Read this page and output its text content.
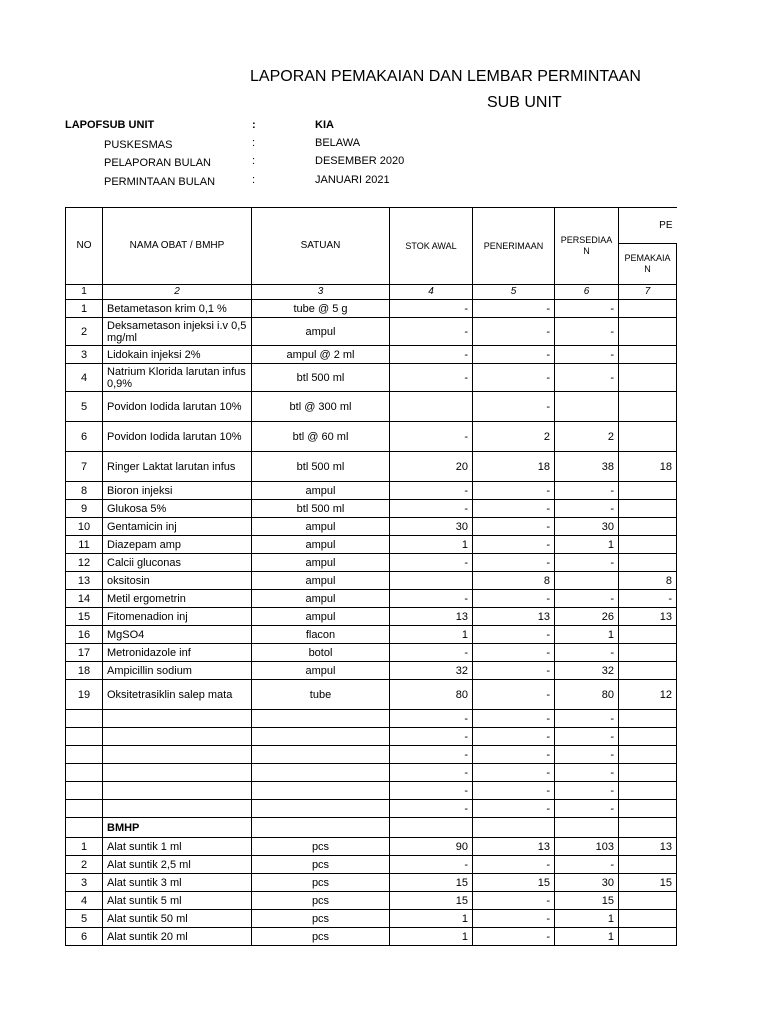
LAPORAN PEMAKAIAN DAN LEMBAR PERMINTAAN
SUB UNIT
LAPOFSUB UNIT	:	KIA
PUSKESMAS	:	BELAWA
PELAPORAN BULAN	:	DESEMBER 2020
PERMINTAAN BULAN	:	JANUARI 2021
NO	NAMA OBAT / BMHP	SATUAN	STOK AWAL	PENERIMAAN	PERSEDIAAN	PE
						PEMAKAIAN
1	2	3	4	5	6	7
1	Betametason krim 0,1 %	tube @ 5 g	-	-	-	
2	Deksametason injeksi i.v 0,5 mg/ml	ampul	-	-	-	
3	Lidokain injeksi 2%	ampul @ 2 ml	-	-	-	
4	Natrium Klorida larutan infus 0,9%	btl 500 ml	-	-	-	
5	Povidon Iodida larutan 10%	btl @ 300 ml		-		
6	Povidon Iodida larutan 10%	btl @ 60 ml	-	2	2	
7	Ringer Laktat larutan infus	btl 500 ml	20	18	38	18
8	Bioron injeksi	ampul	-	-	-	
9	Glukosa 5%	btl 500 ml	-	-	-	
10	Gentamicin inj	ampul	30	-	30	
11	Diazepam amp	ampul	1	-	1	
12	Calcii gluconas	ampul	-	-	-	
13	oksitosin	ampul		8		8
14	Metil ergometrin	ampul	-	-	-	-
15	Fitomenadion inj	ampul	13	13	26	13
16	MgSO4	flacon	1	-	1	
17	Metronidazole inf	botol	-	-	-	
18	Ampicillin sodium	ampul	32	-	32	
19	Oksitetrasiklin salep mata	tube	80	-	80	12
			-	-	-	
			-	-	-	
			-	-	-	
			-	-	-	
			-	-	-	
			-	-	-	
	BMHP					
1	Alat suntik 1 ml	pcs	90	13	103	13
2	Alat suntik 2,5 ml	pcs	-	-	-	
3	Alat suntik 3 ml	pcs	15	15	30	15
4	Alat suntik 5 ml	pcs	15	-	15	
5	Alat suntik 50 ml	pcs	1	-	1	
6	Alat suntik 20 ml	pcs	1	-	1	
